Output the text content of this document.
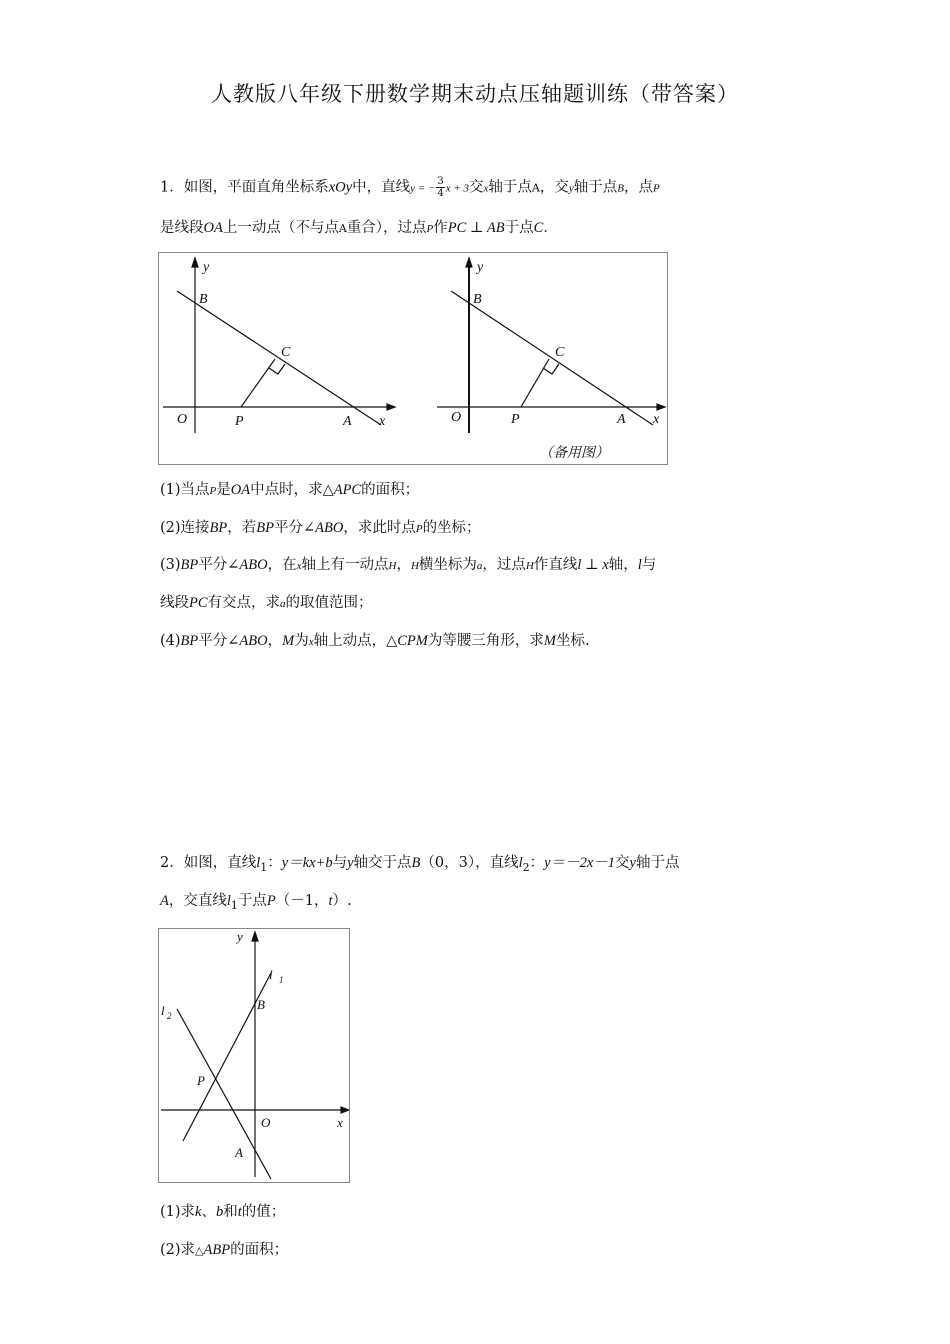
人教版八年级下册数学期末动点压轴题训练（带答案）
1．如图，平面直角坐标系xOy中，直线y = − $\frac{3}{4}$ x + 3交x轴于点A，交y轴于点B，点P
是线段OA上一动点（不与点A重合），过点P作PC ⊥ AB于点C．
y
B
C
O	P	A x
y
B
C
O	P	A x
（备用图）
(1)当点P是OA中点时，求△APC的面积；
(2)连接BP，若BP平分∠ABO，求此时点P的坐标；
(3)BP平分∠ABO，在x轴上有一动点H，H横坐标为a，过点H作直线l ⊥ x轴，l与
线段PC有交点，求a的取值范围；
(4)BP平分∠ABO，M为x轴上动点，△CPM为等腰三角形，求M坐标.
2．如图，直线$l_1$：y＝kx+b与y轴交于点B（0，3），直线$l_2$：y＝－2x－1交y轴于点
A，交直线$l_1$于点P（－1，t）.
y
l 1
l 2
B
P
O	x
A
(1)求k、b和t的值；
(2)求△ABP的面积；
